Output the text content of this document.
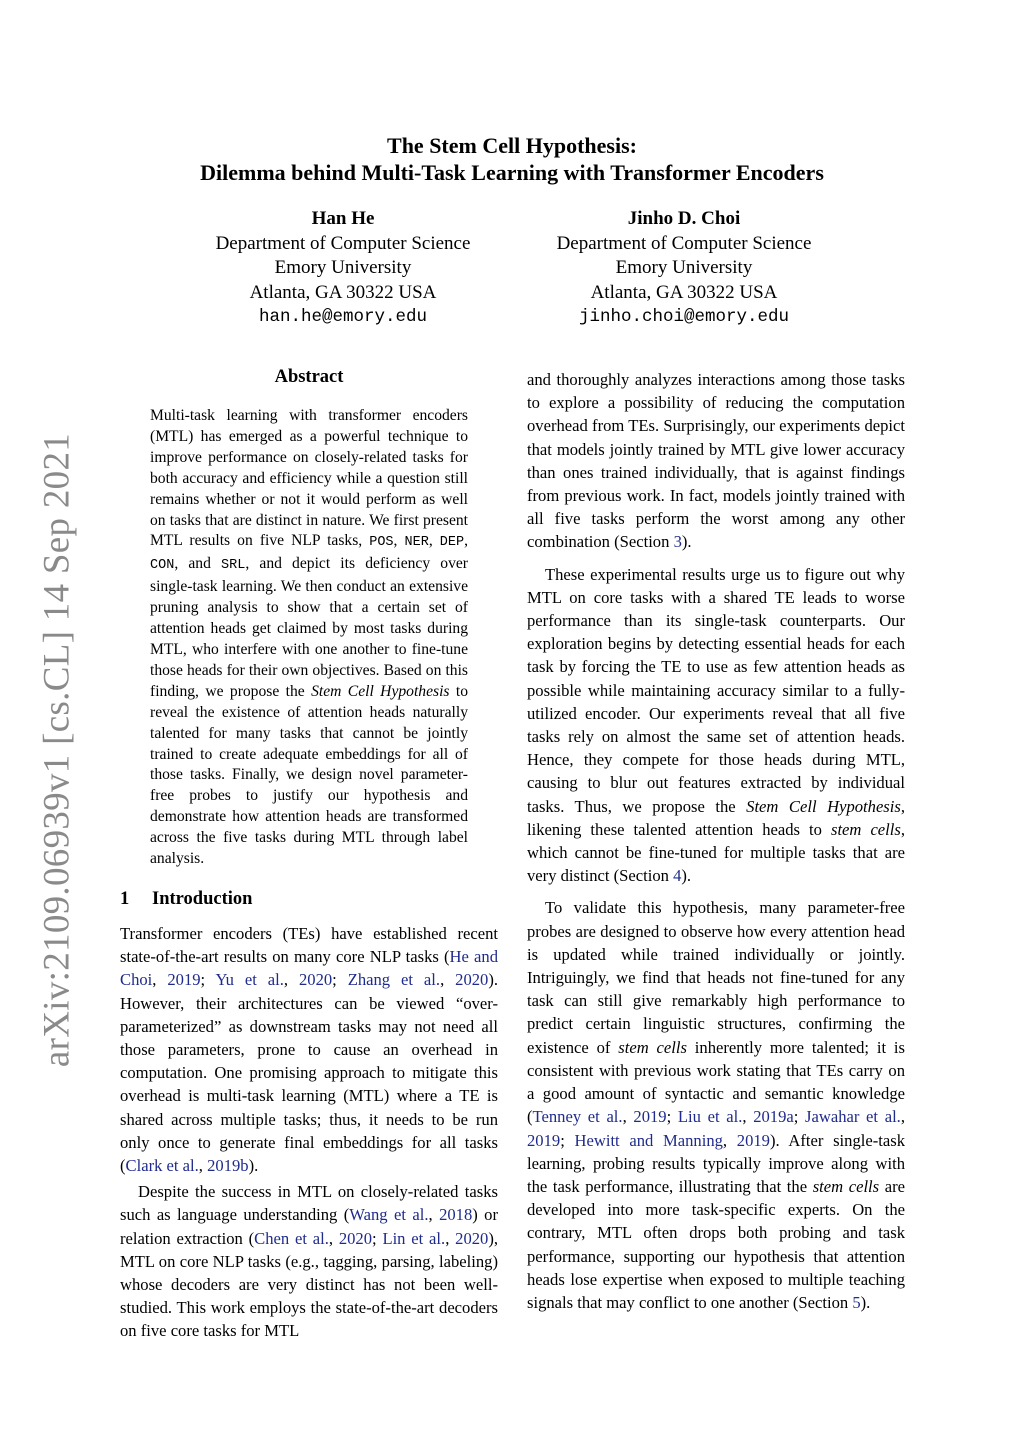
The Stem Cell Hypothesis:
Dilemma behind Multi-Task Learning with Transformer Encoders
Han He
Department of Computer Science
Emory University
Atlanta, GA 30322 USA
han.he@emory.edu
Jinho D. Choi
Department of Computer Science
Emory University
Atlanta, GA 30322 USA
jinho.choi@emory.edu
arXiv:2109.06939v1 [cs.CL] 14 Sep 2021
Abstract

Multi-task learning with transformer encoders (MTL) has emerged as a powerful technique to improve performance on closely-related tasks for both accuracy and efficiency while a question still remains whether or not it would perform as well on tasks that are distinct in nature. We first present MTL results on five NLP tasks, POS, NER, DEP, CON, and SRL, and depict its deficiency over single-task learning. We then conduct an extensive pruning analysis to show that a certain set of attention heads get claimed by most tasks during MTL, who interfere with one another to fine-tune those heads for their own objectives. Based on this finding, we propose the Stem Cell Hypothesis to reveal the existence of attention heads naturally talented for many tasks that cannot be jointly trained to create adequate embeddings for all of those tasks. Finally, we design novel parameter-free probes to justify our hypothesis and demonstrate how attention heads are transformed across the five tasks during MTL through label analysis.

1 Introduction

Transformer encoders (TEs) have established recent state-of-the-art results on many core NLP tasks (He and Choi, 2019; Yu et al., 2020; Zhang et al., 2020). However, their architectures can be viewed “over-parameterized” as downstream tasks may not need all those parameters, prone to cause an overhead in computation. One promising approach to mitigate this overhead is multi-task learning (MTL) where a TE is shared across multiple tasks; thus, it needs to be run only once to generate final embeddings for all tasks (Clark et al., 2019b).

Despite the success in MTL on closely-related tasks such as language understanding (Wang et al., 2018) or relation extraction (Chen et al., 2020; Lin et al., 2020), MTL on core NLP tasks (e.g., tagging, parsing, labeling) whose decoders are very distinct has not been well-studied. This work employs the state-of-the-art decoders on five core tasks for MTL

and thoroughly analyzes interactions among those tasks to explore a possibility of reducing the computation overhead from TEs. Surprisingly, our experiments depict that models jointly trained by MTL give lower accuracy than ones trained individually, that is against findings from previous work. In fact, models jointly trained with all five tasks perform the worst among any other combination (Section 3).

These experimental results urge us to figure out why MTL on core tasks with a shared TE leads to worse performance than its single-task counterparts. Our exploration begins by detecting essential heads for each task by forcing the TE to use as few attention heads as possible while maintaining accuracy similar to a fully-utilized encoder. Our experiments reveal that all five tasks rely on almost the same set of attention heads. Hence, they compete for those heads during MTL, causing to blur out features extracted by individual tasks. Thus, we propose the Stem Cell Hypothesis, likening these talented attention heads to stem cells, which cannot be fine-tuned for multiple tasks that are very distinct (Section 4).

To validate this hypothesis, many parameter-free probes are designed to observe how every attention head is updated while trained individually or jointly. Intriguingly, we find that heads not fine-tuned for any task can still give remarkably high performance to predict certain linguistic structures, confirming the existence of stem cells inherently more talented; it is consistent with previous work stating that TEs carry on a good amount of syntactic and semantic knowledge (Tenney et al., 2019; Liu et al., 2019a; Jawahar et al., 2019; Hewitt and Manning, 2019). After single-task learning, probing results typically improve along with the task performance, illustrating that the stem cells are developed into more task-specific experts. On the contrary, MTL often drops both probing and task performance, supporting our hypothesis that attention heads lose expertise when exposed to multiple teaching signals that may conflict to one another (Section 5).
